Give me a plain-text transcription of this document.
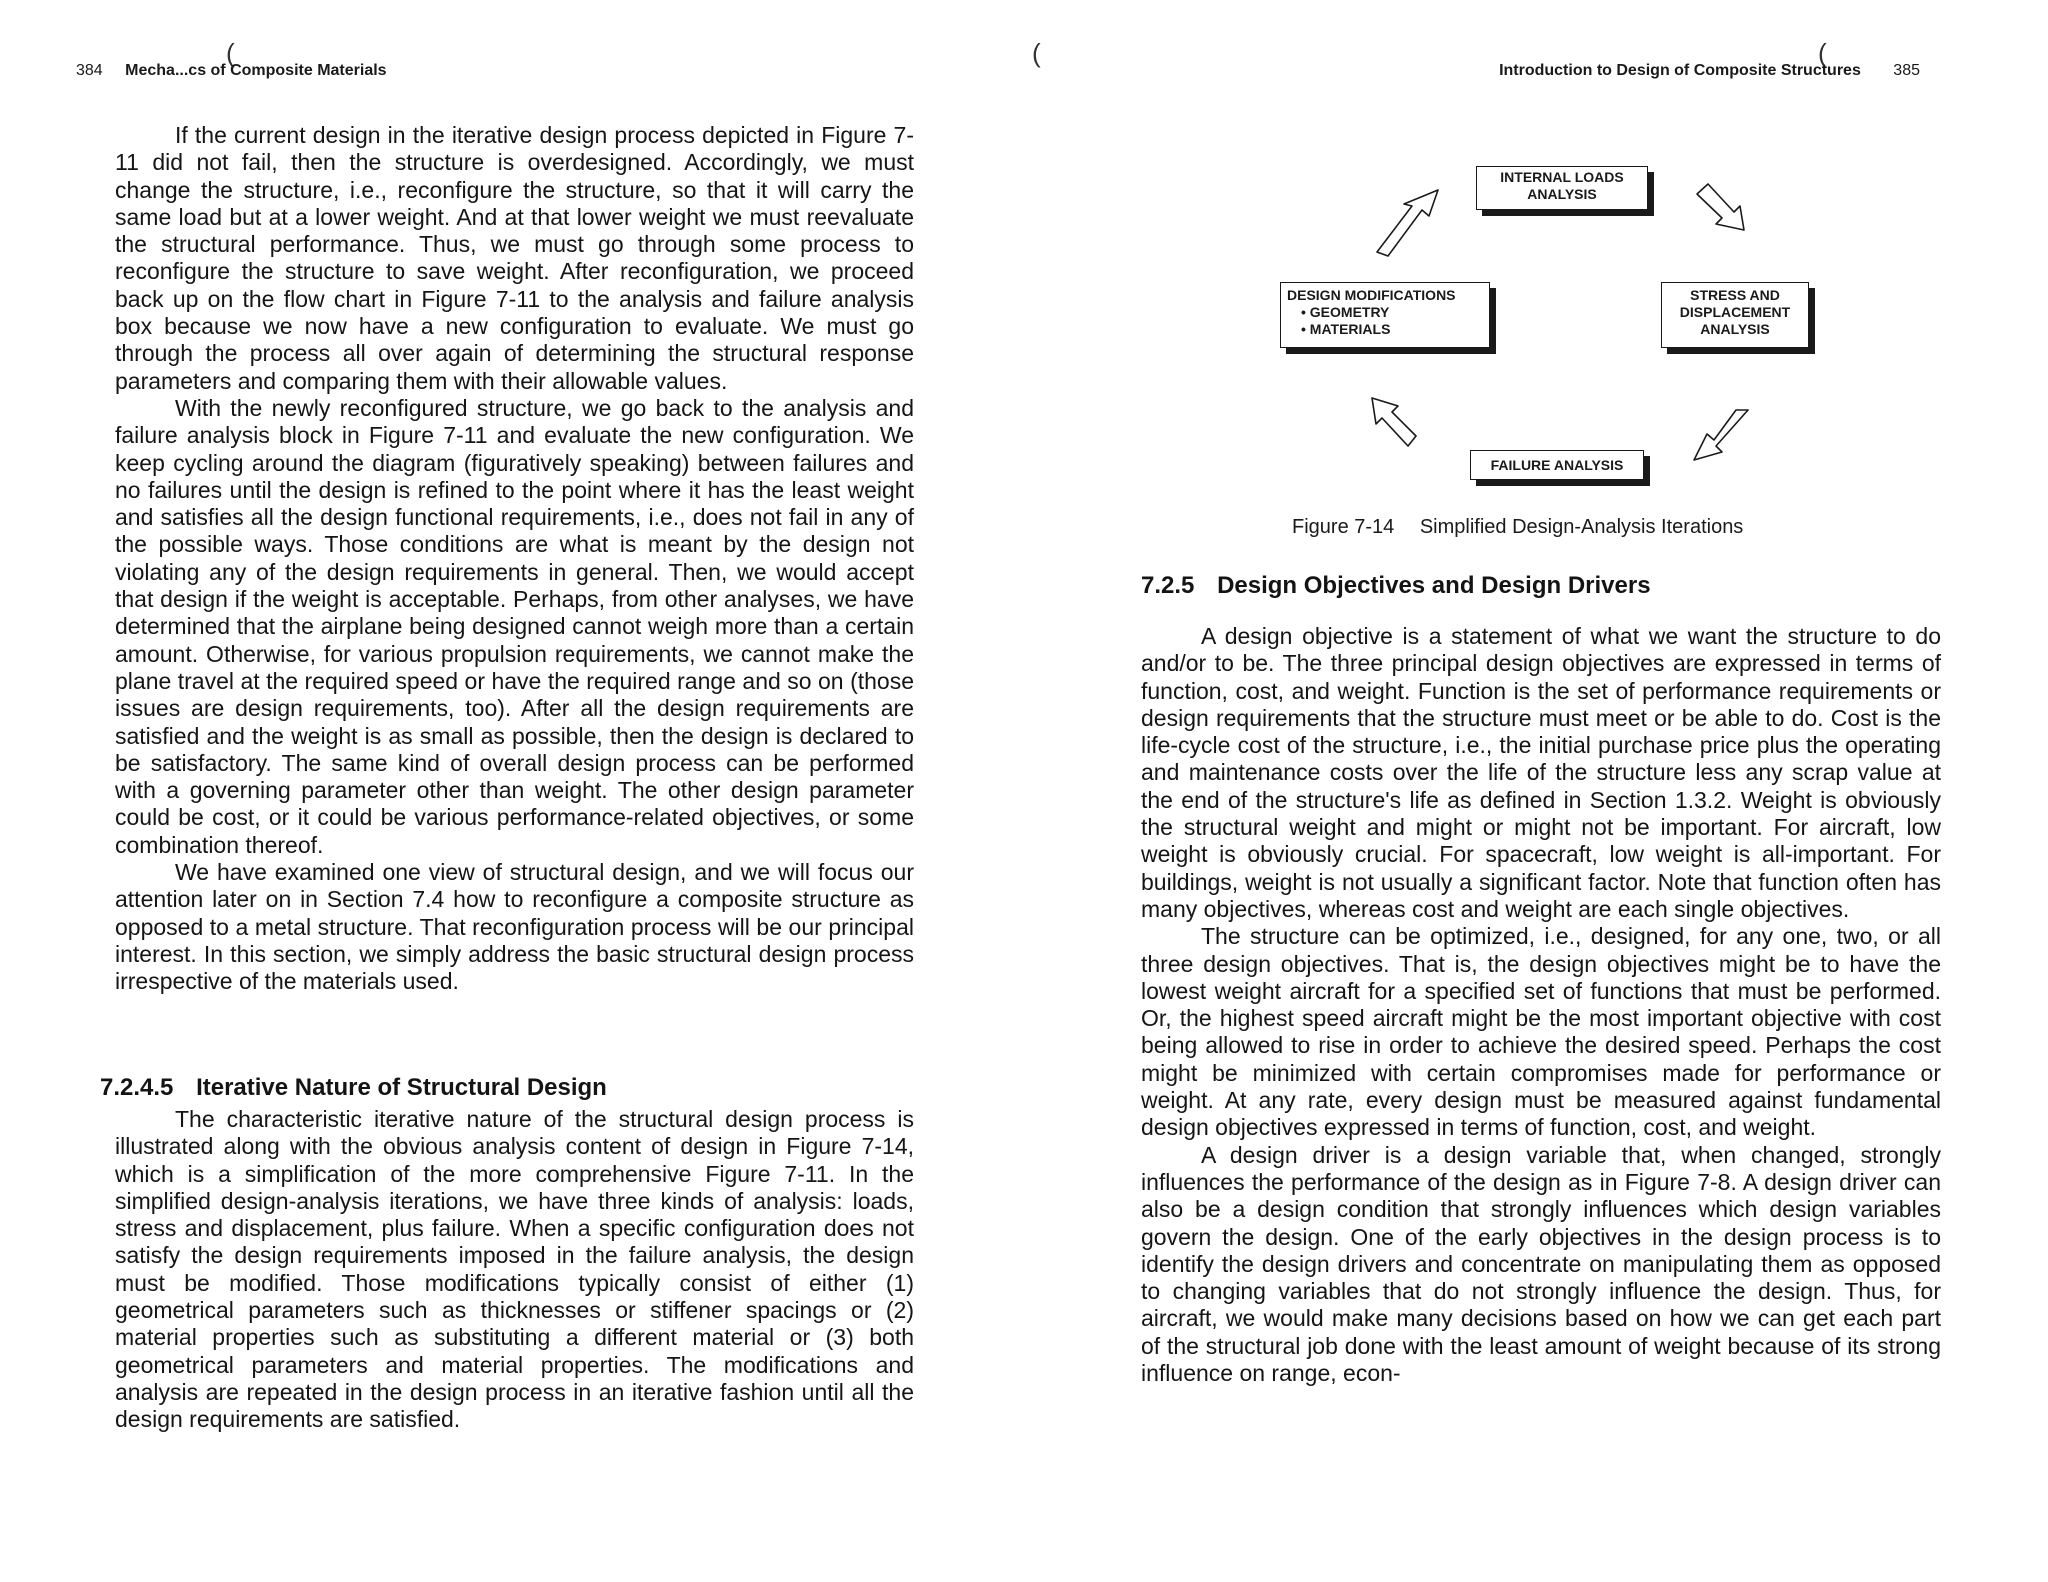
(
384 Mecha...cs of Composite Materials

If the current design in the iterative design process depicted in Figure 7-11 did not fail, then the structure is overdesigned. Accordingly, we must change the structure, i.e., reconfigure the structure, so that it will carry the same load but at a lower weight. And at that lower weight we must reevaluate the structural performance. Thus, we must go through some process to reconfigure the structure to save weight. After reconfiguration, we proceed back up on the flow chart in Figure 7-11 to the analysis and failure analysis box because we now have a new configuration to evaluate. We must go through the process all over again of determining the structural response parameters and comparing them with their allowable values.

With the newly reconfigured structure, we go back to the analysis and failure analysis block in Figure 7-11 and evaluate the new configuration. We keep cycling around the diagram (figuratively speaking) between failures and no failures until the design is refined to the point where it has the least weight and satisfies all the design functional requirements, i.e., does not fail in any of the possible ways. Those conditions are what is meant by the design not violating any of the design requirements in general. Then, we would accept that design if the weight is acceptable. Perhaps, from other analyses, we have determined that the airplane being designed cannot weigh more than a certain amount. Otherwise, for various propulsion requirements, we cannot make the plane travel at the required speed or have the required range and so on (those issues are design requirements, too). After all the design requirements are satisfied and the weight is as small as possible, then the design is declared to be satisfactory. The same kind of overall design process can be performed with a governing parameter other than weight. The other design parameter could be cost, or it could be various performance-related objectives, or some combination thereof.

We have examined one view of structural design, and we will focus our attention later on in Section 7.4 how to reconfigure a composite structure as opposed to a metal structure. That reconfiguration process will be our principal interest. In this section, we simply address the basic structural design process irrespective of the materials used.

7.2.4.5 Iterative Nature of Structural Design

The characteristic iterative nature of the structural design process is illustrated along with the obvious analysis content of design in Figure 7-14, which is a simplification of the more comprehensive Figure 7-11. In the simplified design-analysis iterations, we have three kinds of analysis: loads, stress and displacement, plus failure. When a specific configuration does not satisfy the design requirements imposed in the failure analysis, the design must be modified. Those modifications typically consist of either (1) geometrical parameters such as thicknesses or stiffener spacings or (2) material properties such as substituting a different material or (3) both geometrical parameters and material properties. The modifications and analysis are repeated in the design process in an iterative fashion until all the design requirements are satisfied.

(	(
Introduction to Design of Composite Structures 385
INTERNAL LOADS
ANALYSIS
DESIGN MODIFICATIONS
• GEOMETRY
• MATERIALS
STRESS AND
DISPLACEMENT
ANALYSIS
FAILURE ANALYSIS
Figure 7-14 Simplified Design-Analysis Iterations
7.2.5 Design Objectives and Design Drivers

A design objective is a statement of what we want the structure to do and/or to be. The three principal design objectives are expressed in terms of function, cost, and weight. Function is the set of performance requirements or design requirements that the structure must meet or be able to do. Cost is the life-cycle cost of the structure, i.e., the initial purchase price plus the operating and maintenance costs over the life of the structure less any scrap value at the end of the structure's life as defined in Section 1.3.2. Weight is obviously the structural weight and might or might not be important. For aircraft, low weight is obviously crucial. For spacecraft, low weight is all-important. For buildings, weight is not usually a significant factor. Note that function often has many objectives, whereas cost and weight are each single objectives.

The structure can be optimized, i.e., designed, for any one, two, or all three design objectives. That is, the design objectives might be to have the lowest weight aircraft for a specified set of functions that must be performed. Or, the highest speed aircraft might be the most important objective with cost being allowed to rise in order to achieve the desired speed. Perhaps the cost might be minimized with certain compromises made for performance or weight. At any rate, every design must be measured against fundamental design objectives expressed in terms of function, cost, and weight.

A design driver is a design variable that, when changed, strongly influences the performance of the design as in Figure 7-8. A design driver can also be a design condition that strongly influences which design variables govern the design. One of the early objectives in the design process is to identify the design drivers and concentrate on manipulating them as opposed to changing variables that do not strongly influence the design. Thus, for aircraft, we would make many decisions based on how we can get each part of the structural job done with the least amount of weight because of its strong influence on range, econ-
